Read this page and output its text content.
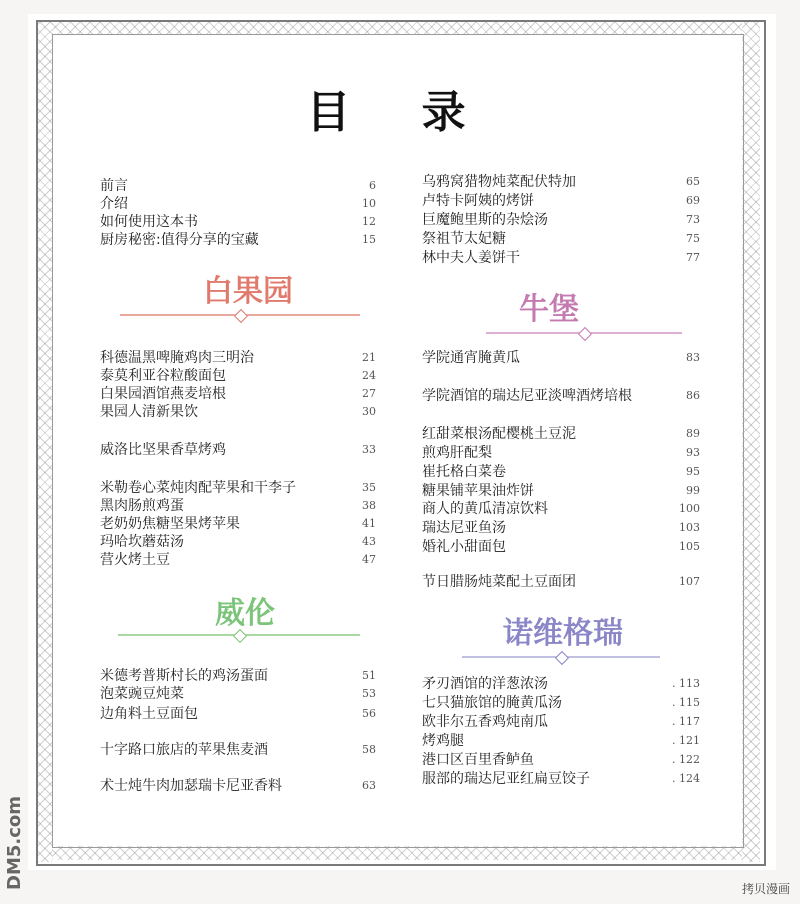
目 录
前言	6
介绍	10
如何使用这本书	12
厨房秘密:值得分享的宝藏	15
白果园
科德温黑啤腌鸡肉三明治	21
泰莫利亚谷粒酸面包	24
白果园酒馆燕麦培根	27
果园人清新果饮	30
威洛比坚果香草烤鸡	33
米勒卷心菜炖肉配苹果和干李子	35
黑肉肠煎鸡蛋	38
老奶奶焦糖坚果烤苹果	41
玛哈坎蘑菇汤	43
营火烤土豆	47
威伦
米德考普斯村长的鸡汤蛋面	51
泡菜豌豆炖菜	53
边角料土豆面包	56
十字路口旅店的苹果焦麦酒	58
术士炖牛肉加瑟瑞卡尼亚香料	63
乌鸦窝猎物炖菜配伏特加	65
卢特卡阿姨的烤饼	69
巨魔鲍里斯的杂烩汤	73
祭祖节太妃糖	75
林中夫人姜饼干	77
牛堡
学院通宵腌黄瓜	83
学院酒馆的瑞达尼亚淡啤酒烤培根	86
红甜菜根汤配樱桃土豆泥	89
煎鸡肝配梨	93
崔托格白菜卷	95
糖果铺苹果油炸饼	99
商人的黄瓜清凉饮料	100
瑞达尼亚鱼汤	103
婚礼小甜面包	105
节日腊肠炖菜配土豆面团	107
诺维格瑞
矛刃酒馆的洋葱浓汤	. 113
七只猫旅馆的腌黄瓜汤	. 115
欧非尔五香鸡炖南瓜	. 117
烤鸡腿	. 121
港口区百里香鲈鱼	. 122
服部的瑞达尼亚红扁豆饺子	. 124
DM5.com	拷贝漫画
